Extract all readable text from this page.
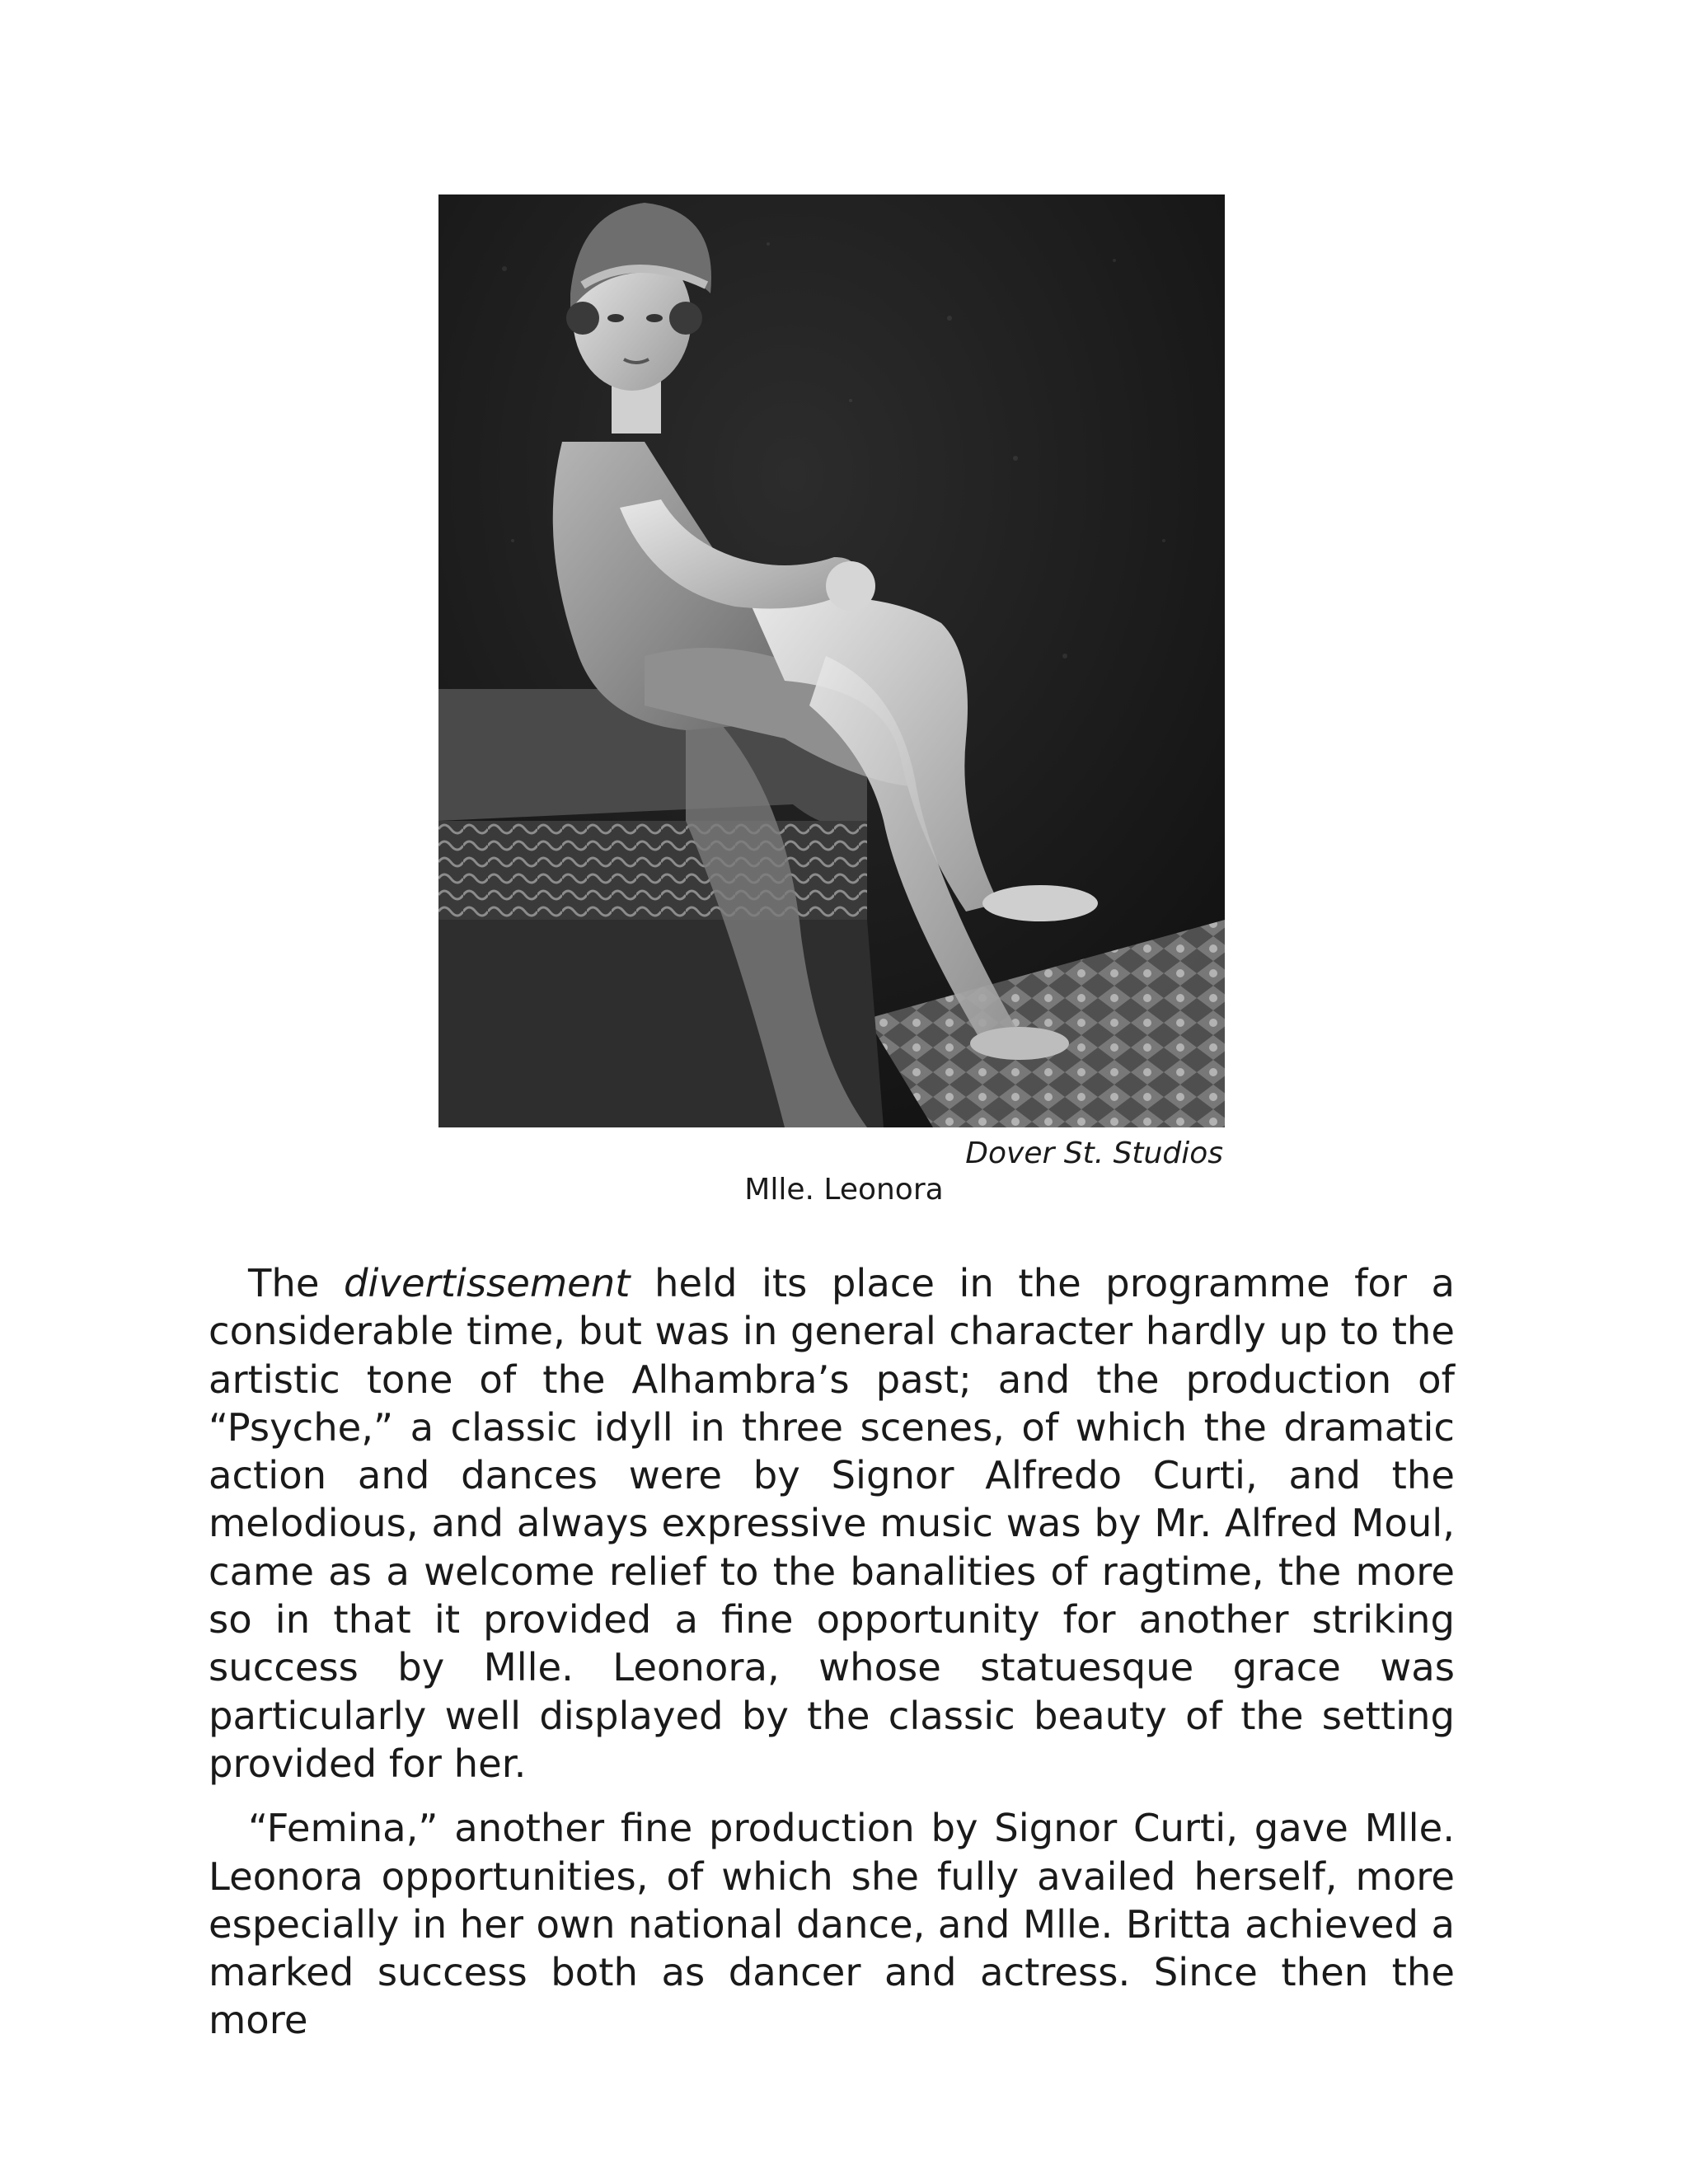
Dover St. Studios
Mlle. Leonora

The divertissement held its place in the programme for a considerable time, but was in general character hardly up to the artistic tone of the Alhambra’s past; and the production of “Psyche,” a classic idyll in three scenes, of which the dramatic action and dances were by Signor Alfredo Curti, and the melodious, and always expressive music was by Mr. Alfred Moul, came as a welcome relief to the banalities of ragtime, the more so in that it provided a fine opportunity for another striking success by Mlle. Leonora, whose statuesque grace was particularly well displayed by the classic beauty of the setting provided for her.

“Femina,” another fine production by Signor Curti, gave Mlle. Leonora opportunities, of which she fully availed herself, more especially in her own national dance, and Mlle. Britta achieved a marked success both as dancer and actress. Since then the more
